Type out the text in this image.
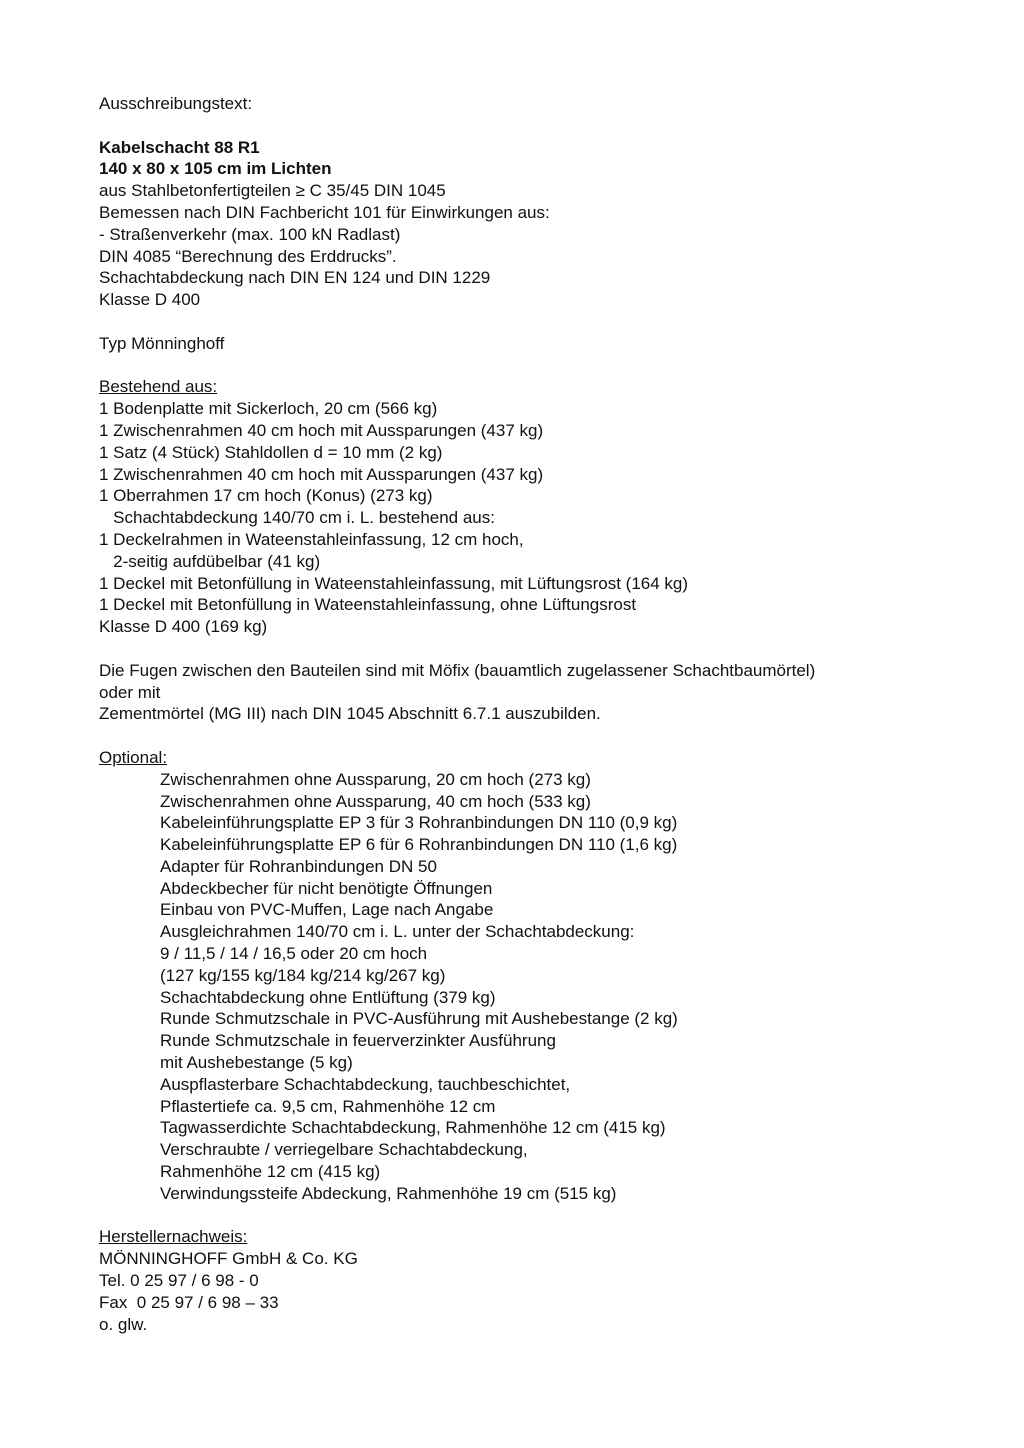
Ausschreibungstext:
Kabelschacht 88 R1
140 x 80 x 105 cm im Lichten
aus Stahlbetonfertigteilen ≥ C 35/45 DIN 1045
Bemessen nach DIN Fachbericht 101 für Einwirkungen aus:
- Straßenverkehr (max. 100 kN Radlast)
DIN 4085 “Berechnung des Erddrucks”.
Schachtabdeckung nach DIN EN 124 und DIN 1229
Klasse D 400
Typ Mönninghoff
Bestehend aus:
1 Bodenplatte mit Sickerloch, 20 cm (566 kg)
1 Zwischenrahmen 40 cm hoch mit Aussparungen (437 kg)
1 Satz (4 Stück) Stahldollen d = 10 mm (2 kg)
1 Zwischenrahmen 40 cm hoch mit Aussparungen (437 kg)
1 Oberrahmen 17 cm hoch (Konus) (273 kg)
Schachtabdeckung 140/70 cm i. L. bestehend aus:
1 Deckelrahmen in Wateenstahleinfassung, 12 cm hoch,
2-seitig aufdübelbar (41 kg)
1 Deckel mit Betonfüllung in Wateenstahleinfassung, mit Lüftungsrost (164 kg)
1 Deckel mit Betonfüllung in Wateenstahleinfassung, ohne Lüftungsrost
Klasse D 400 (169 kg)
Die Fugen zwischen den Bauteilen sind mit Möfix (bauamtlich zugelassener Schachtbaumörtel)
oder mit
Zementmörtel (MG III) nach DIN 1045 Abschnitt 6.7.1 auszubilden.
Optional:
Zwischenrahmen ohne Aussparung, 20 cm hoch (273 kg)
Zwischenrahmen ohne Aussparung, 40 cm hoch (533 kg)
Kabeleinführungsplatte EP 3 für 3 Rohranbindungen DN 110 (0,9 kg)
Kabeleinführungsplatte EP 6 für 6 Rohranbindungen DN 110 (1,6 kg)
Adapter für Rohranbindungen DN 50
Abdeckbecher für nicht benötigte Öffnungen
Einbau von PVC-Muffen, Lage nach Angabe
Ausgleichrahmen 140/70 cm i. L. unter der Schachtabdeckung:
9 / 11,5 / 14 / 16,5 oder 20 cm hoch
(127 kg/155 kg/184 kg/214 kg/267 kg)
Schachtabdeckung ohne Entlüftung (379 kg)
Runde Schmutzschale in PVC-Ausführung mit Aushebestange (2 kg)
Runde Schmutzschale in feuerverzinkter Ausführung
mit Aushebestange (5 kg)
Auspflasterbare Schachtabdeckung, tauchbeschichtet,
Pflastertiefe ca. 9,5 cm, Rahmenhöhe 12 cm
Tagwasserdichte Schachtabdeckung, Rahmenhöhe 12 cm (415 kg)
Verschraubte / verriegelbare Schachtabdeckung,
Rahmenhöhe 12 cm (415 kg)
Verwindungssteife Abdeckung, Rahmenhöhe 19 cm (515 kg)
Herstellernachweis:
MÖNNINGHOFF GmbH & Co. KG
Tel. 0 25 97 / 6 98 - 0
Fax  0 25 97 / 6 98 – 33
o. glw.
